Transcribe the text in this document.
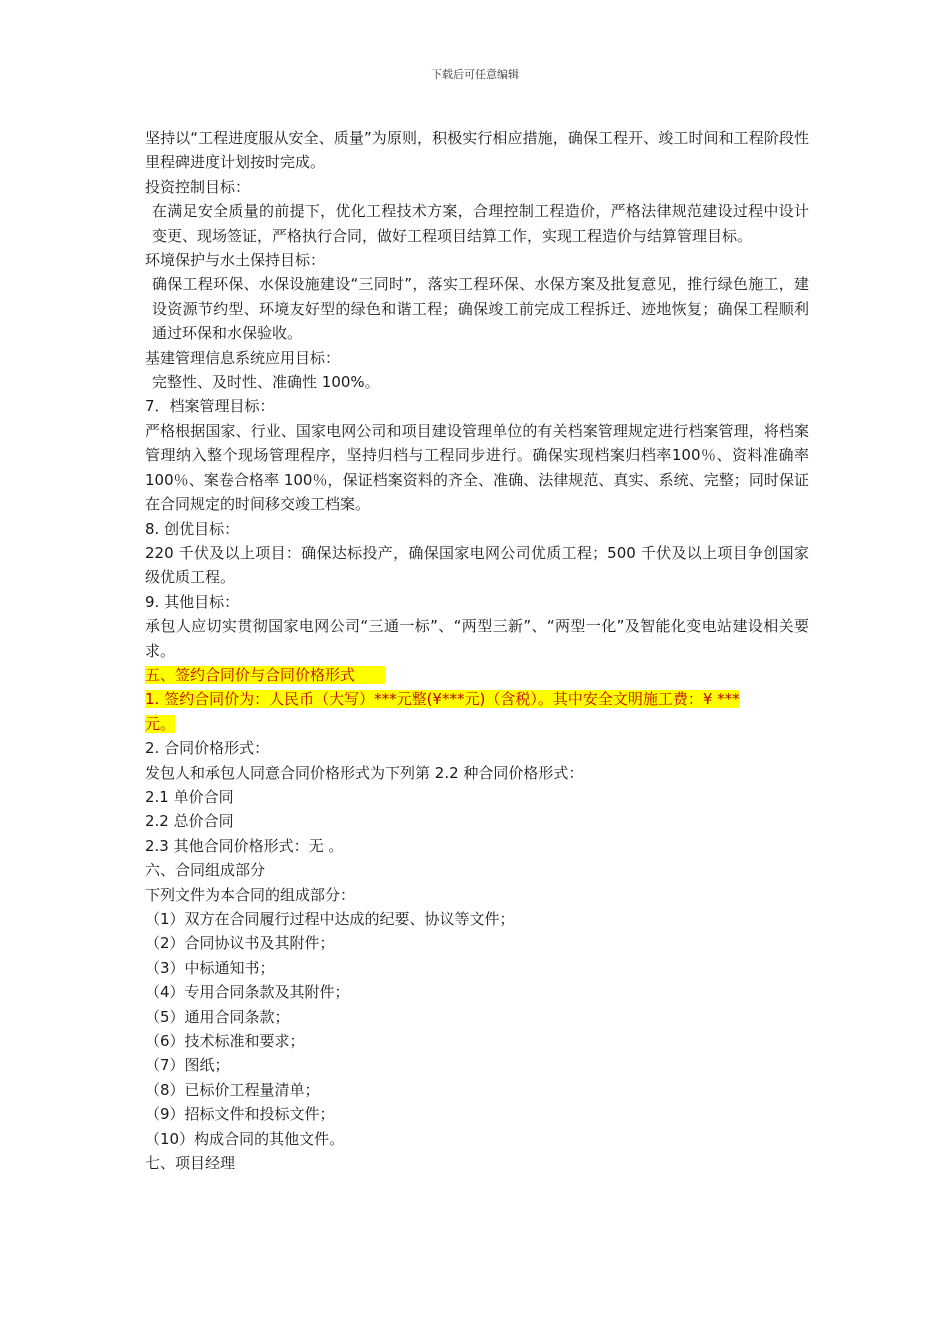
下载后可任意编辑

坚持以“工程进度服从安全、质量”为原则，积极实行相应措施，确保工程开、竣工时间和工程阶段性里程碑进度计划按时完成。

投资控制目标：

在满足安全质量的前提下，优化工程技术方案，合理控制工程造价，严格法律规范建设过程中设计变更、现场签证，严格执行合同，做好工程项目结算工作，实现工程造价与结算管理目标。

环境保护与水土保持目标：

确保工程环保、水保设施建设“三同时”，落实工程环保、水保方案及批复意见，推行绿色施工，建设资源节约型、环境友好型的绿色和谐工程；确保竣工前完成工程拆迁、迹地恢复；确保工程顺利通过环保和水保验收。

基建管理信息系统应用目标：

完整性、及时性、准确性 100%。

7．档案管理目标：

严格根据国家、行业、国家电网公司和项目建设管理单位的有关档案管理规定进行档案管理，将档案管理纳入整个现场管理程序，坚持归档与工程同步进行。确保实现档案归档率100％、资料准确率 100％、案卷合格率 100％，保证档案资料的齐全、准确、法律规范、真实、系统、完整；同时保证在合同规定的时间移交竣工档案。

8. 创优目标：

220 千伏及以上项目：确保达标投产，确保国家电网公司优质工程；500 千伏及以上项目争创国家级优质工程。

9. 其他目标：

承包人应切实贯彻国家电网公司“三通一标”、“两型三新”、“两型一化”及智能化变电站建设相关要求。

五、签约合同价与合同价格形式

1. 签约合同价为：人民币（大写）***元整(¥***元)（含税）。其中安全文明施工费：¥ ***
元。

2. 合同价格形式：

发包人和承包人同意合同价格形式为下列第 2.2 种合同价格形式：

2.1 单价合同

2.2 总价合同

2.3 其他合同价格形式：无 。

六、合同组成部分

下列文件为本合同的组成部分：

（1）双方在合同履行过程中达成的纪要、协议等文件；

（2）合同协议书及其附件；

（3）中标通知书；

（4）专用合同条款及其附件；

（5）通用合同条款；

（6）技术标准和要求；

（7）图纸；

（8）已标价工程量清单；

（9）招标文件和投标文件；

（10）构成合同的其他文件。

七、项目经理
